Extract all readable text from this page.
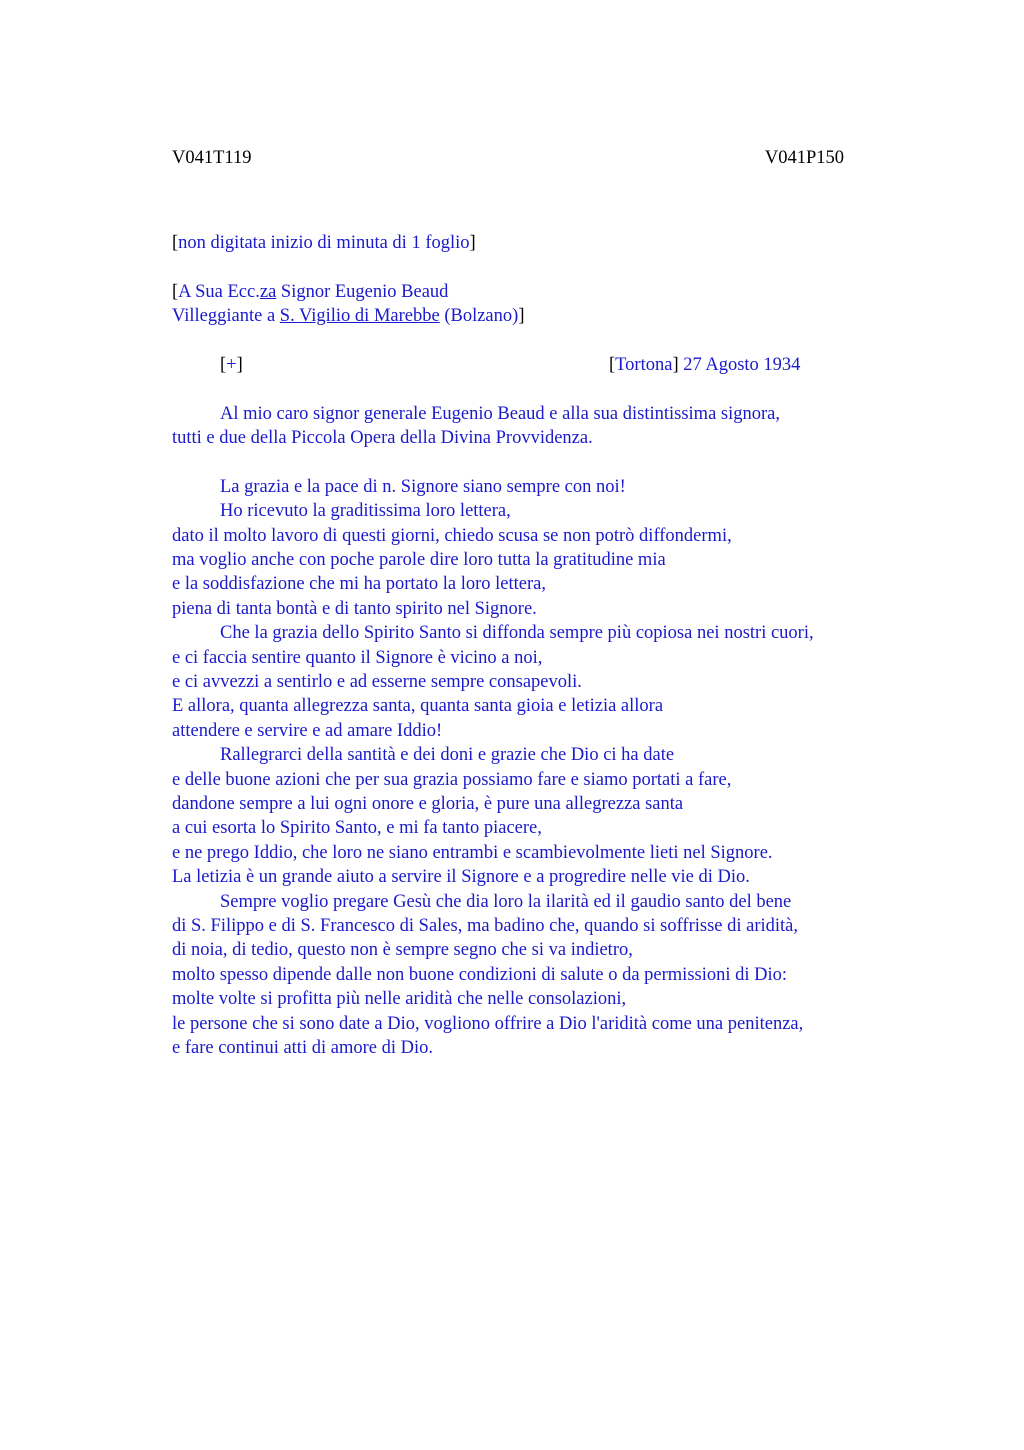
V041T119	V041P150
[non digitata inizio di minuta di 1 foglio]
[A Sua Ecc.za Signor Eugenio Beaud
Villeggiante a S. Vigilio di Marebbe (Bolzano)]
[+]	[Tortona] 27 Agosto 1934
Al mio caro signor generale Eugenio Beaud e alla sua distintissima signora,
tutti e due della Piccola Opera della Divina Provvidenza.
La grazia e la pace di n. Signore siano sempre con noi!
Ho ricevuto la graditissima loro lettera,
dato il molto lavoro di questi giorni, chiedo scusa se non potrò diffondermi,
ma voglio anche con poche parole dire loro tutta la gratitudine mia
e la soddisfazione che mi ha portato la loro lettera,
piena di tanta bontà e di tanto spirito nel Signore.
Che la grazia dello Spirito Santo si diffonda sempre più copiosa nei nostri cuori,
e ci faccia sentire quanto il Signore è vicino a noi,
e ci avvezzi a sentirlo e ad esserne sempre consapevoli.
E allora, quanta allegrezza santa, quanta santa gioia e letizia allora
attendere e servire e ad amare Iddio!
Rallegrarci della santità e dei doni e grazie che Dio ci ha date
e delle buone azioni che per sua grazia possiamo fare e siamo portati a fare,
dandone sempre a lui ogni onore e gloria, è pure una allegrezza santa
a cui esorta lo Spirito Santo, e mi fa tanto piacere,
e ne prego Iddio, che loro ne siano entrambi e scambievolmente lieti nel Signore.
La letizia è un grande aiuto a servire il Signore e a progredire nelle vie di Dio.
Sempre voglio pregare Gesù che dia loro la ilarità ed il gaudio santo del bene
di S. Filippo e di S. Francesco di Sales, ma badino che, quando si soffrisse di aridità,
di noia, di tedio, questo non è sempre segno che si va indietro,
molto spesso dipende dalle non buone condizioni di salute o da permissioni di Dio:
molte volte si profitta più nelle aridità che nelle consolazioni,
le persone che si sono date a Dio, vogliono offrire a Dio l'aridità come una penitenza,
e fare continui atti di amore di Dio.
